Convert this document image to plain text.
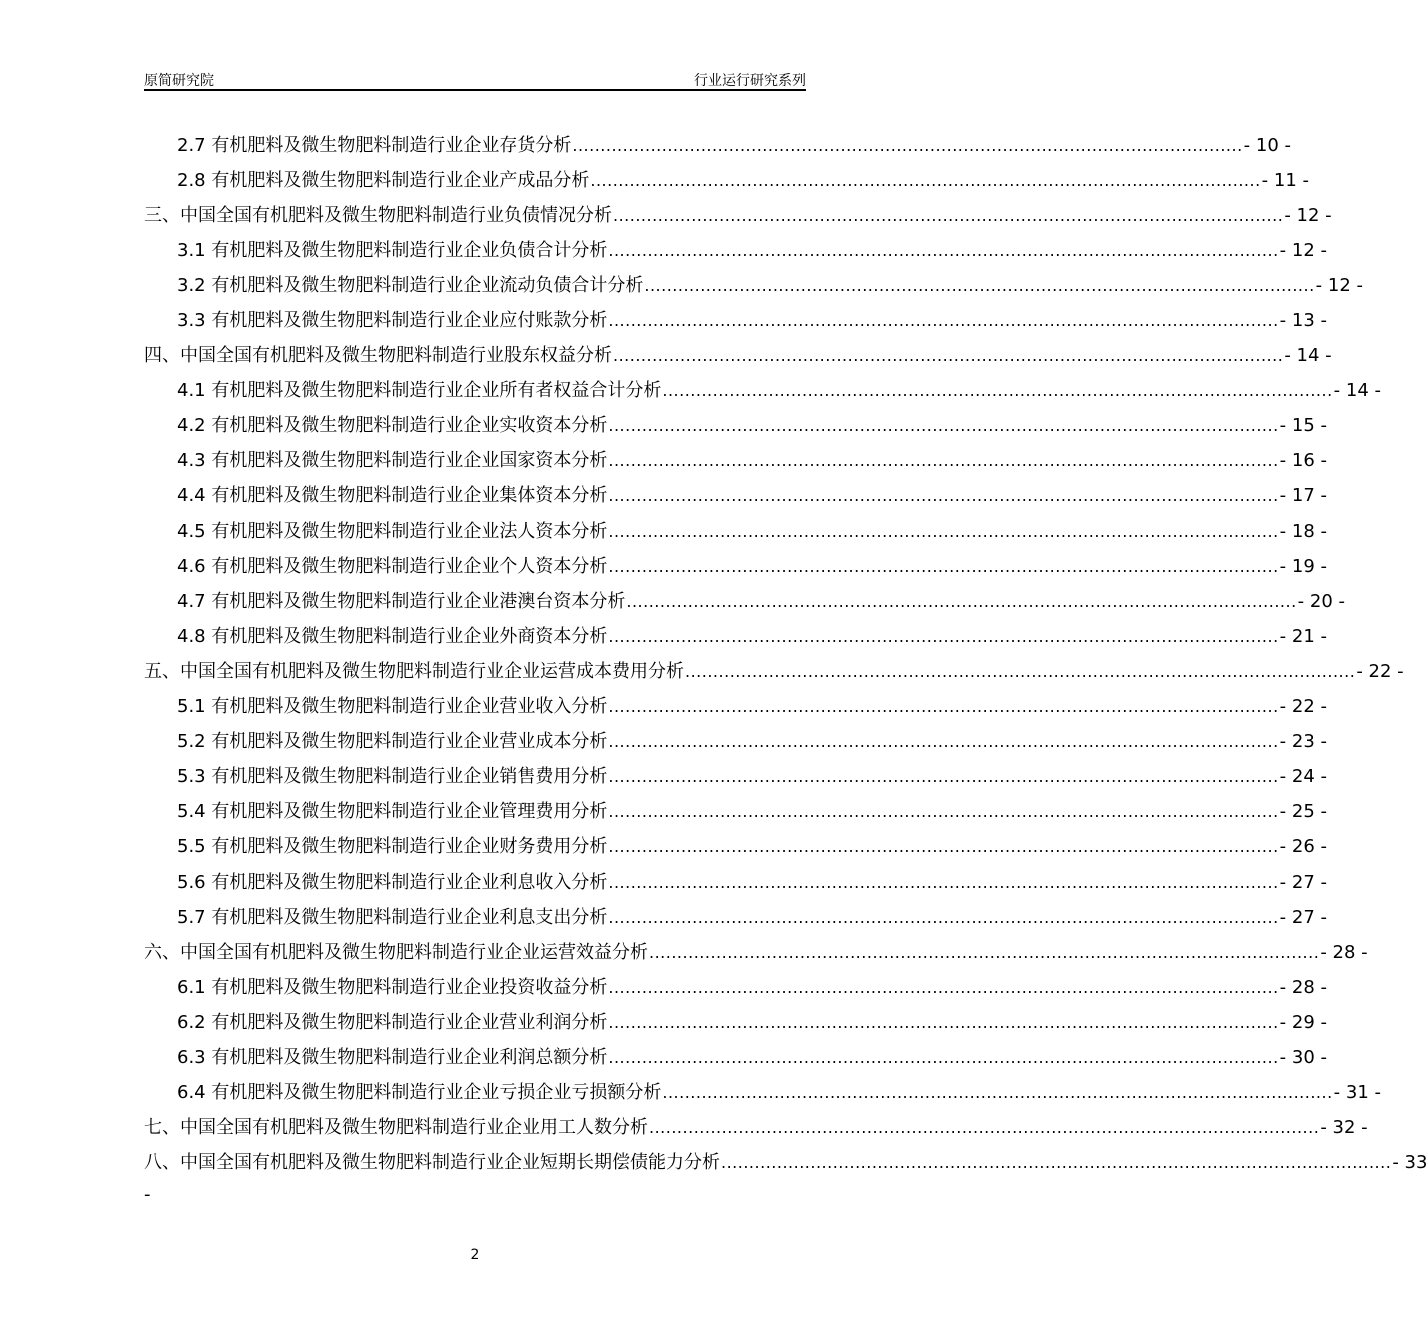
原简研究院	行业运行研究系列
2.7 有机肥料及微生物肥料制造行业企业存货分析 ........................................................................................................................ - 10 -
2.8 有机肥料及微生物肥料制造行业企业产成品分析 ........................................................................................................................ - 11 -
三、中国全国有机肥料及微生物肥料制造行业负债情况分析 ........................................................................................................................ - 12 -
3.1 有机肥料及微生物肥料制造行业企业负债合计分析 ........................................................................................................................ - 12 -
3.2 有机肥料及微生物肥料制造行业企业流动负债合计分析 ........................................................................................................................ - 12 -
3.3 有机肥料及微生物肥料制造行业企业应付账款分析 ........................................................................................................................ - 13 -
四、中国全国有机肥料及微生物肥料制造行业股东权益分析 ........................................................................................................................ - 14 -
4.1 有机肥料及微生物肥料制造行业企业所有者权益合计分析 ........................................................................................................................ - 14 -
4.2 有机肥料及微生物肥料制造行业企业实收资本分析 ........................................................................................................................ - 15 -
4.3 有机肥料及微生物肥料制造行业企业国家资本分析 ........................................................................................................................ - 16 -
4.4 有机肥料及微生物肥料制造行业企业集体资本分析 ........................................................................................................................ - 17 -
4.5 有机肥料及微生物肥料制造行业企业法人资本分析 ........................................................................................................................ - 18 -
4.6 有机肥料及微生物肥料制造行业企业个人资本分析 ........................................................................................................................ - 19 -
4.7 有机肥料及微生物肥料制造行业企业港澳台资本分析 ........................................................................................................................ - 20 -
4.8 有机肥料及微生物肥料制造行业企业外商资本分析 ........................................................................................................................ - 21 -
五、中国全国有机肥料及微生物肥料制造行业企业运营成本费用分析 ........................................................................................................................ - 22 -
5.1 有机肥料及微生物肥料制造行业企业营业收入分析 ........................................................................................................................ - 22 -
5.2 有机肥料及微生物肥料制造行业企业营业成本分析 ........................................................................................................................ - 23 -
5.3 有机肥料及微生物肥料制造行业企业销售费用分析 ........................................................................................................................ - 24 -
5.4 有机肥料及微生物肥料制造行业企业管理费用分析 ........................................................................................................................ - 25 -
5.5 有机肥料及微生物肥料制造行业企业财务费用分析 ........................................................................................................................ - 26 -
5.6 有机肥料及微生物肥料制造行业企业利息收入分析 ........................................................................................................................ - 27 -
5.7 有机肥料及微生物肥料制造行业企业利息支出分析 ........................................................................................................................ - 27 -
六、中国全国有机肥料及微生物肥料制造行业企业运营效益分析 ........................................................................................................................ - 28 -
6.1 有机肥料及微生物肥料制造行业企业投资收益分析 ........................................................................................................................ - 28 -
6.2 有机肥料及微生物肥料制造行业企业营业利润分析 ........................................................................................................................ - 29 -
6.3 有机肥料及微生物肥料制造行业企业利润总额分析 ........................................................................................................................ - 30 -
6.4 有机肥料及微生物肥料制造行业企业亏损企业亏损额分析 ........................................................................................................................ - 31 -
七、中国全国有机肥料及微生物肥料制造行业企业用工人数分析 ........................................................................................................................ - 32 -
八、中国全国有机肥料及微生物肥料制造行业企业短期长期偿债能力分析 ........................................................................................................................ - 33
-
2
